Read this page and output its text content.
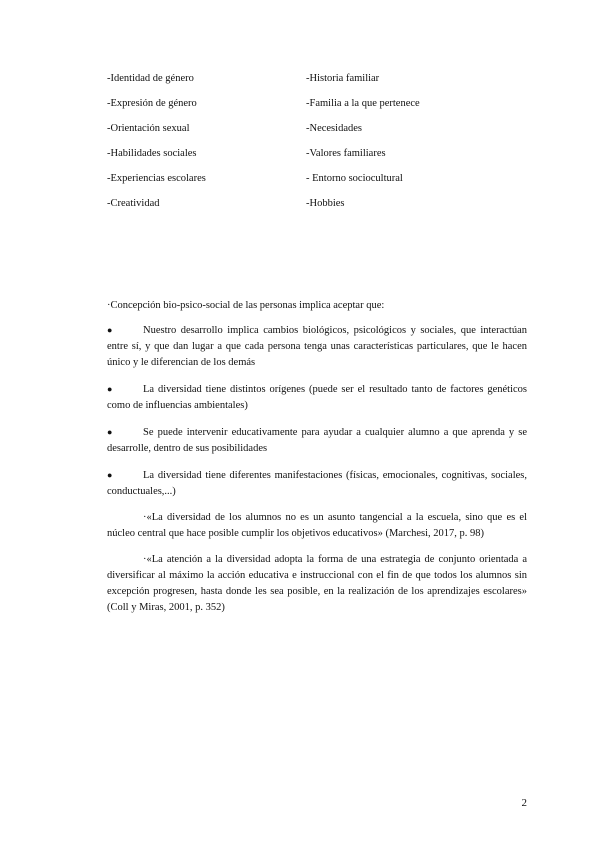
-Identidad de género	-Historia familiar
-Expresión de género	-Familia a la que pertenece
-Orientación sexual	-Necesidades
-Habilidades sociales	-Valores familiares
-Experiencias escolares	- Entorno sociocultural
-Creatividad	-Hobbies

·Concepción bio-psico-social de las personas implica aceptar que:

●	Nuestro desarrollo implica cambios biológicos, psicológicos y sociales, que interactúan entre sí, y que dan lugar a que cada persona tenga unas características particulares, que le hacen único y le diferencian de los demás

●	La diversidad tiene distintos orígenes (puede ser el resultado tanto de factores genéticos como de influencias ambientales)

●	Se puede intervenir educativamente para ayudar a cualquier alumno a que aprenda y se desarrolle, dentro de sus posibilidades

●	La diversidad tiene diferentes manifestaciones (físicas, emocionales, cognitivas, sociales, conductuales,...)

·«La diversidad de los alumnos no es un asunto tangencial a la escuela, sino que es el núcleo central que hace posible cumplir los objetivos educativos» (Marchesi, 2017, p. 98)

·«La atención a la diversidad adopta la forma de una estrategia de conjunto orientada a diversificar al máximo la acción educativa e instruccional con el fin de que todos los alumnos sin excepción progresen, hasta donde les sea posible, en la realización de los aprendizajes escolares» (Coll y Miras, 2001, p. 352)

2
